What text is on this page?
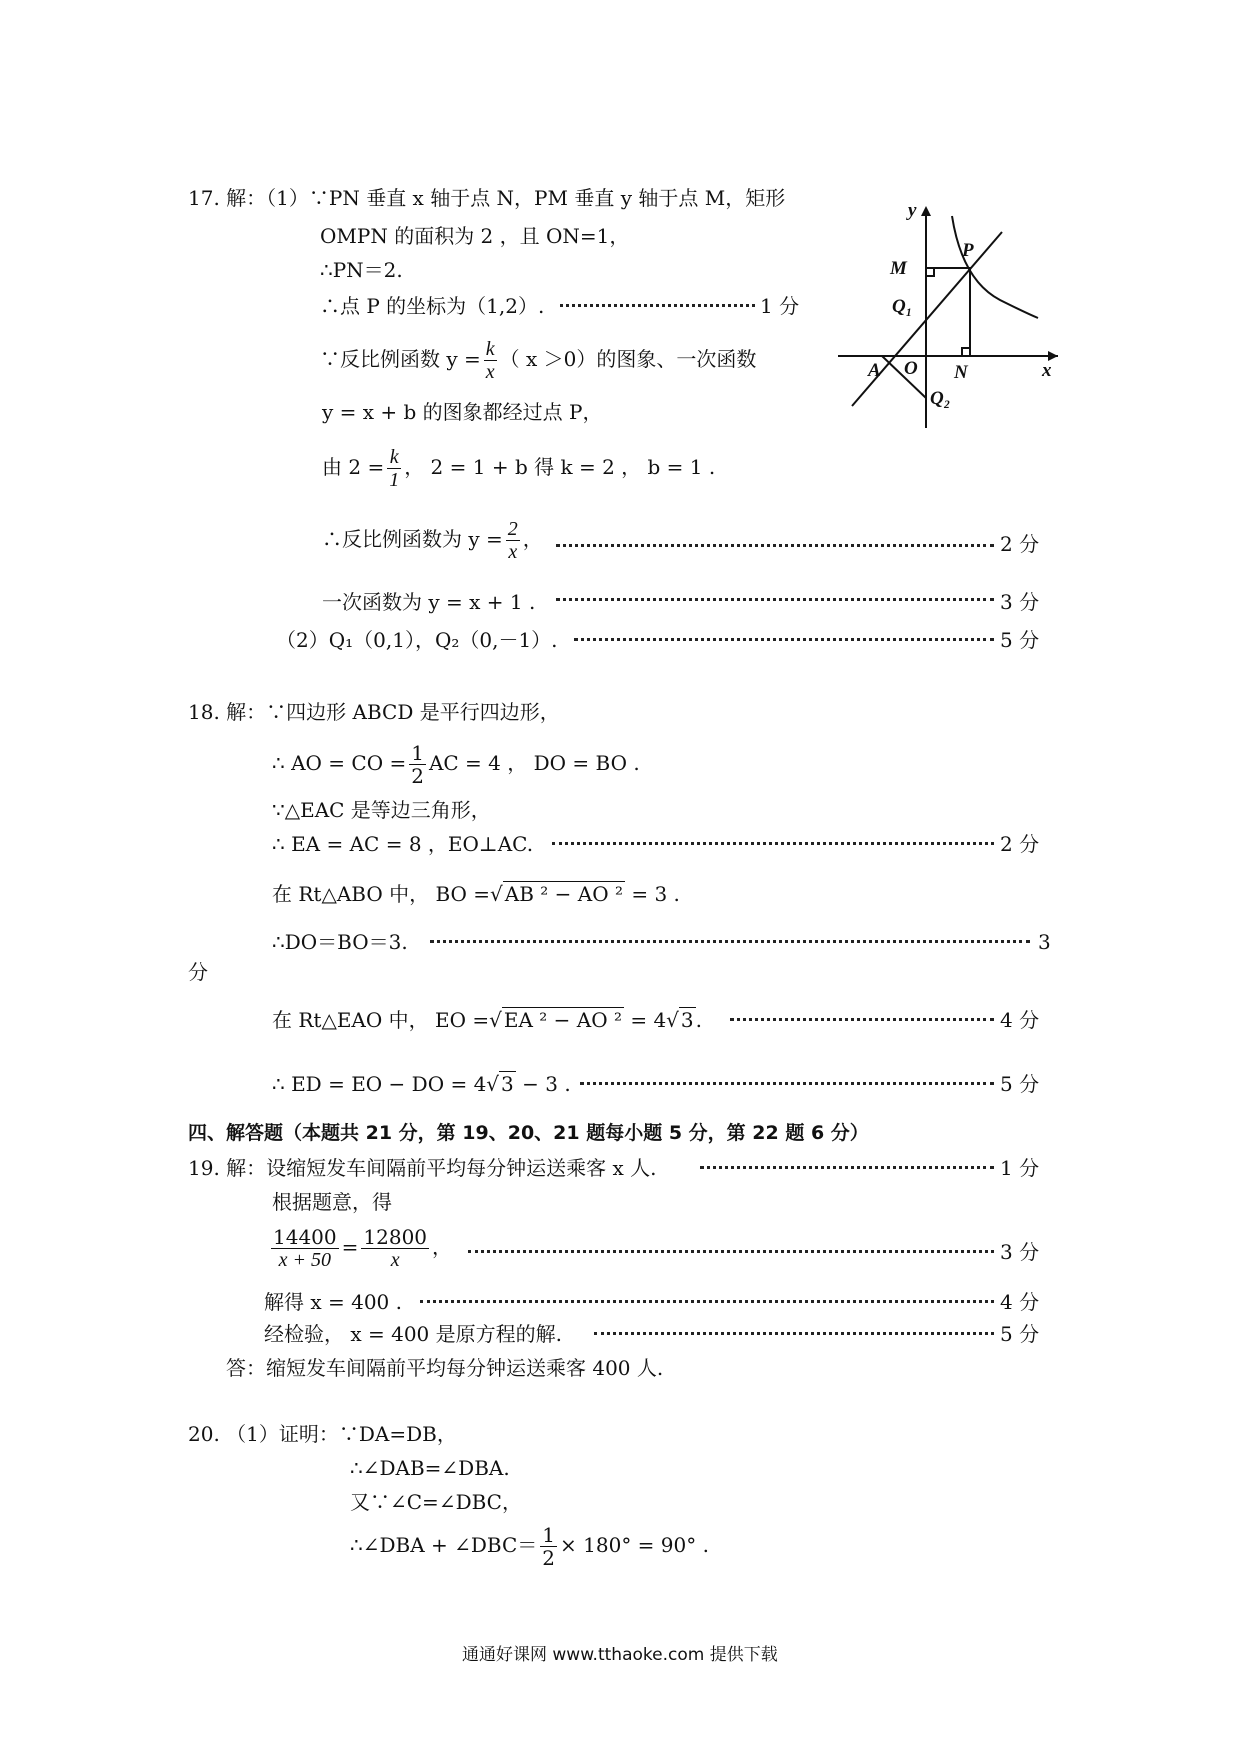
17. 解：（1）∵PN 垂直 x 轴于点 N，PM 垂直 y 轴于点 M，矩形
OMPN 的面积为 2 ，且 ON=1，
∴PN＝2.
∴点 P 的坐标为（1,2）.	1 分
∵反比例函数 $y = \frac{k}{x}$ （ x ＞0）的图象、一次函数
y = x + b 的图象都经过点 P，
由 $2 = \frac{k}{1}$ ， 2 = 1 + b 得 k = 2 ， b = 1 .
∴反比例函数为 $y = \frac{2}{x}$ ，	2 分
一次函数为 y = x + 1 .	3 分
（2）Q₁（0,1），Q₂（0,－1）.	5 分
y
x
M
P
Q₁
A O N
Q₂
18. 解：∵四边形 ABCD 是平行四边形，
∴ AO = CO = $\frac{1}{2}$ AC = 4 ， DO = BO .
∵△EAC 是等边三角形，
∴ EA = AC = 8 ，EO⊥AC.	2 分
在 Rt△ABO 中， BO =√ AB ² − AO ² = 3 .
∴DO＝BO＝3.	3
分
在 Rt△EAO 中， EO =√ EA ² − AO ² = 4√ 3 .	4 分
∴ ED = EO − DO = 4√ 3 − 3 .	5 分
四、解答题（本题共 21 分，第 19、20、21 题每小题 5 分，第 22 题 6 分）
19. 解：设缩短发车间隔前平均每分钟运送乘客 x 人.	1 分
根据题意，得
$\frac{14400}{x + 50} = \frac{12800}{x}$ ，	3 分
解得 x = 400 .	4 分
经检验， x = 400 是原方程的解.	5 分
答：缩短发车间隔前平均每分钟运送乘客 400 人.
20. （1）证明：∵DA=DB，
∴∠DAB=∠DBA.
又∵∠C=∠DBC，
∴∠DBA + ∠DBC＝ $\frac{1}{2} \times 180^\circ = 90^\circ$ .
通通好课网 www.tthaoke.com 提供下载
